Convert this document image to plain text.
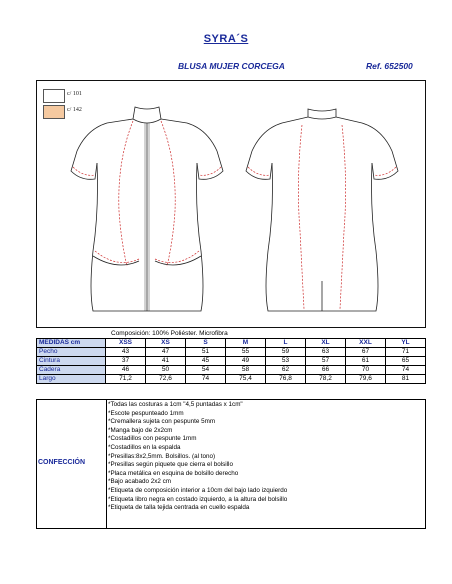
SYRA´S
BLUSA MUJER CORCEGA	Ref. 652500
c/ 101
c/ 142
Composición: 100% Poliéster. Microfibra
MEDIDAS cm	XSS	XS	S	M	L	XL	XXL	YL
Pecho	43	47	51	55	59	63	67	71
Cintura	37	41	45	49	53	57	61	65
Cadera	46	50	54	58	62	66	70	74
Largo	71,2	72,6	74	75,4	76,8	78,2	79,6	81
CONFECCIÓN
*Todas las costuras a 1cm "4,5 puntadas x 1cm"
*Escote pespunteado 1mm
*Cremallera sujeta con pespunte 5mm
*Manga bajo de 2x2cm
*Costadillos con pespunte 1mm
*Costadillos en la espalda
*Presillas:8x2,5mm. Bolsillos. (al tono)
*Presillas según piquete que cierra el bolsillo
*Placa metálica en esquina de bolsillo derecho
*Bajo acabado 2x2 cm
*Etiqueta de composición interior a 10cm del bajo lado izquierdo
*Etiqueta libro negra en costado izquierdo, a la altura del bolsillo
*Etiqueta de talla tejida centrada en cuello espalda
